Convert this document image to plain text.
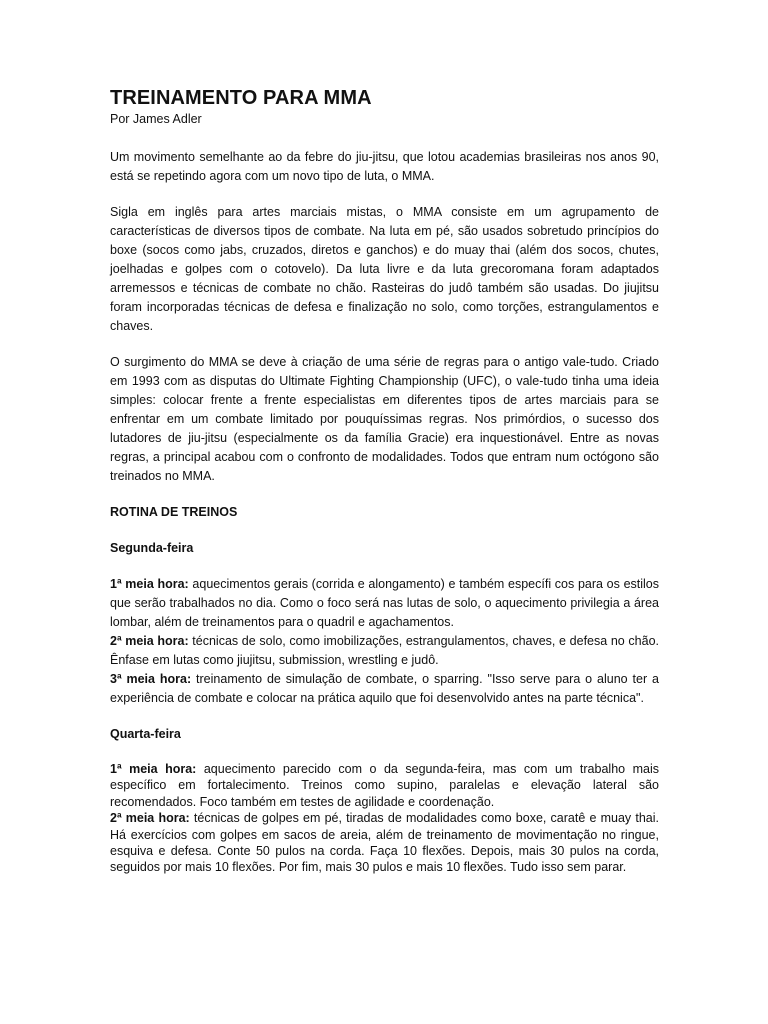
TREINAMENTO PARA MMA
Por James Adler

Um movimento semelhante ao da febre do jiu-jitsu, que lotou academias brasileiras nos anos 90, está se repetindo agora com um novo tipo de luta, o MMA.

Sigla em inglês para artes marciais mistas, o MMA consiste em um agrupamento de características de diversos tipos de combate. Na luta em pé, são usados sobretudo princípios do boxe (socos como jabs, cruzados, diretos e ganchos) e do muay thai (além dos socos, chutes, joelhadas e golpes com o cotovelo). Da luta livre e da luta grecoromana foram adaptados arremessos e técnicas de combate no chão. Rasteiras do judô também são usadas. Do jiujitsu foram incorporadas técnicas de defesa e finalização no solo, como torções, estrangulamentos e chaves.

O surgimento do MMA se deve à criação de uma série de regras para o antigo vale-tudo. Criado em 1993 com as disputas do Ultimate Fighting Championship (UFC), o vale-tudo tinha uma ideia simples: colocar frente a frente especialistas em diferentes tipos de artes marciais para se enfrentar em um combate limitado por pouquíssimas regras. Nos primórdios, o sucesso dos lutadores de jiu-jitsu (especialmente os da família Gracie) era inquestionável. Entre as novas regras, a principal acabou com o confronto de modalidades. Todos que entram num octógono são treinados no MMA.

ROTINA DE TREINOS
Segunda-feira

1ª meia hora: aquecimentos gerais (corrida e alongamento) e também específi cos para os estilos que serão trabalhados no dia. Como o foco será nas lutas de solo, o aquecimento privilegia a área lombar, além de treinamentos para o quadril e agachamentos.
2ª meia hora: técnicas de solo, como imobilizações, estrangulamentos, chaves, e defesa no chão. Ênfase em lutas como jiujitsu, submission, wrestling e judô.
3ª meia hora: treinamento de simulação de combate, o sparring. "Isso serve para o aluno ter a experiência de combate e colocar na prática aquilo que foi desenvolvido antes na parte técnica".

Quarta-feira

1ª meia hora: aquecimento parecido com o da segunda-feira, mas com um trabalho mais específico em fortalecimento. Treinos como supino, paralelas e elevação lateral são recomendados. Foco também em testes de agilidade e coordenação.
2ª meia hora: técnicas de golpes em pé, tiradas de modalidades como boxe, caratê e muay thai. Há exercícios com golpes em sacos de areia, além de treinamento de movimentação no ringue, esquiva e defesa. Conte 50 pulos na corda. Faça 10 flexões. Depois, mais 30 pulos na corda, seguidos por mais 10 flexões. Por fim, mais 30 pulos e mais 10 flexões. Tudo isso sem parar.
